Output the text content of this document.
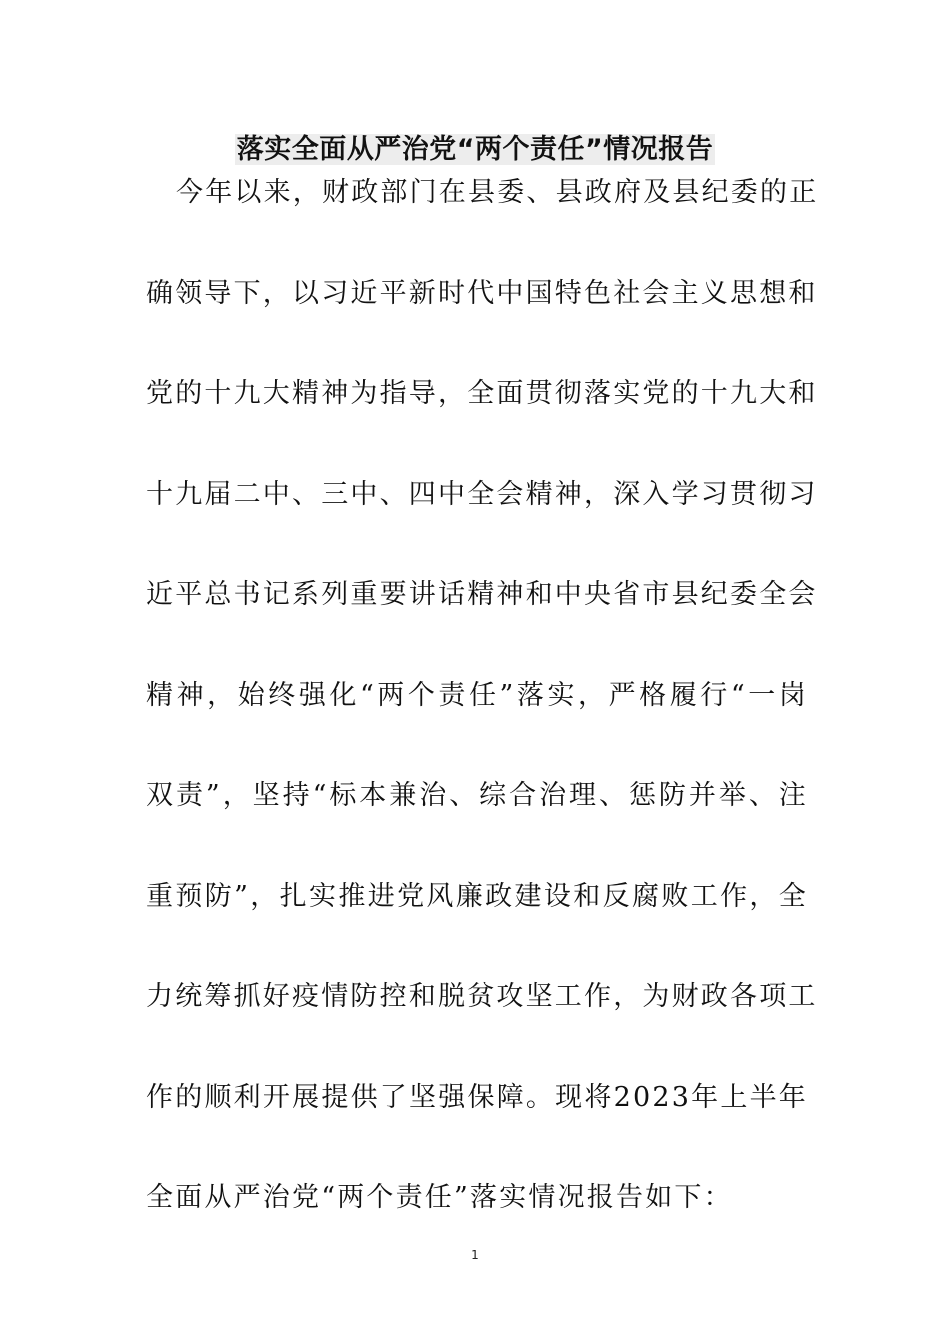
落实全面从严治党“两个责任”情况报告
今年以来，财政部门在县委、县政府及县纪委的正
确领导下，以习近平新时代中国特色社会主义思想和
党的十九大精神为指导，全面贯彻落实党的十九大和
十九届二中、三中、四中全会精神，深入学习贯彻习
近平总书记系列重要讲话精神和中央省市县纪委全会
精神，始终强化“两个责任”落实，严格履行“一岗
双责”，坚持“标本兼治、综合治理、惩防并举、注
重预防”，扎实推进党风廉政建设和反腐败工作，全
力统筹抓好疫情防控和脱贫攻坚工作，为财政各项工
作的顺利开展提供了坚强保障。现将2023年上半年
全面从严治党“两个责任”落实情况报告如下：
1
